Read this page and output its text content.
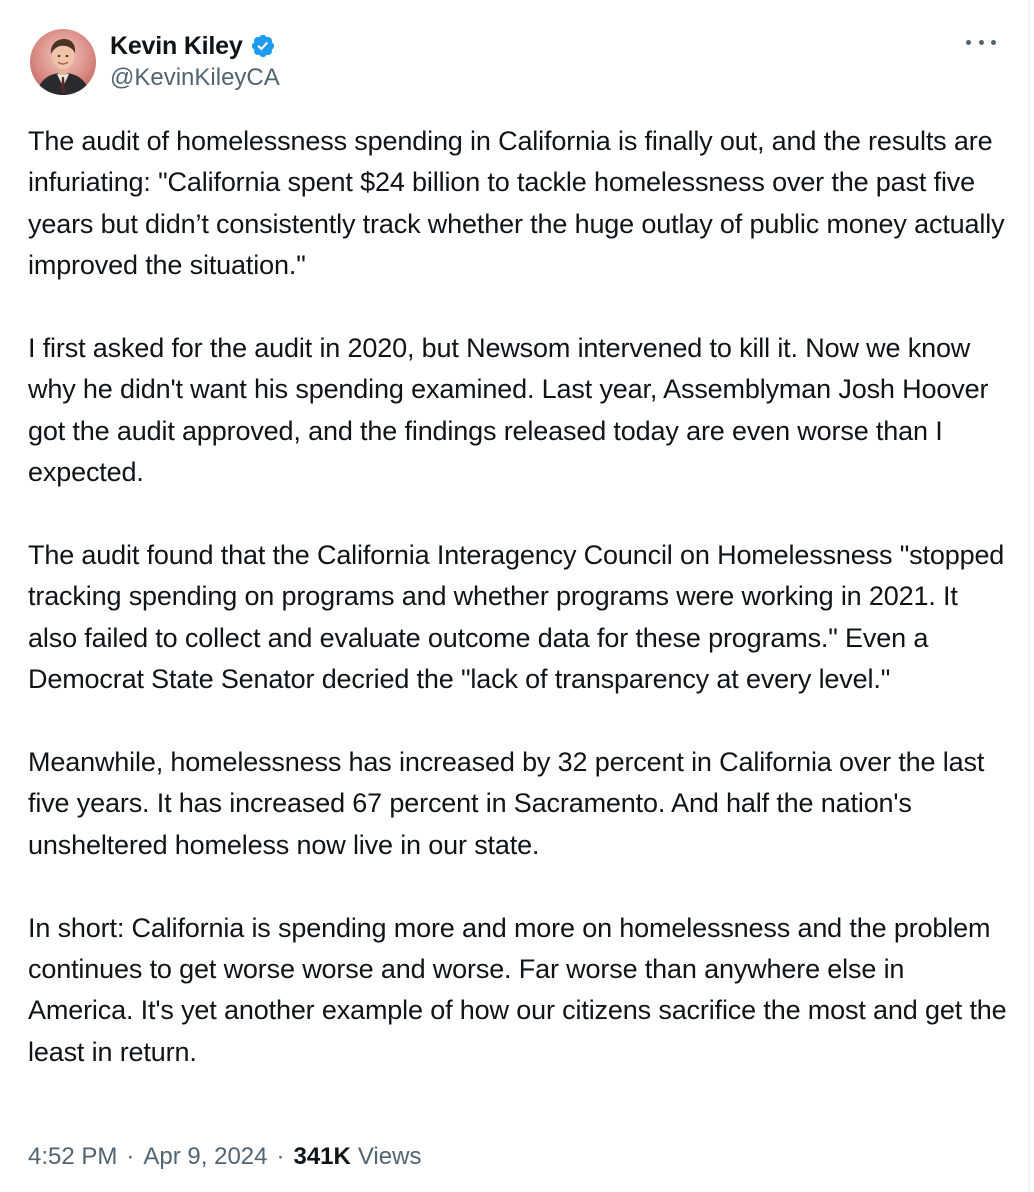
Kevin Kiley
@KevinKileyCA

The audit of homelessness spending in California is finally out, and the results are infuriating: "California spent $24 billion to tackle homelessness over the past five years but didn’t consistently track whether the huge outlay of public money actually improved the situation."

I first asked for the audit in 2020, but Newsom intervened to kill it. Now we know why he didn't want his spending examined. Last year, Assemblyman Josh Hoover got the audit approved, and the findings released today are even worse than I expected.

The audit found that the California Interagency Council on Homelessness "stopped tracking spending on programs and whether programs were working in 2021. It also failed to collect and evaluate outcome data for these programs." Even a Democrat State Senator decried the "lack of transparency at every level."

Meanwhile, homelessness has increased by 32 percent in California over the last five years. It has increased 67 percent in Sacramento. And half the nation's unsheltered homeless now live in our state.

In short: California is spending more and more on homelessness and the problem continues to get worse worse and worse. Far worse than anywhere else in America. It's yet another example of how our citizens sacrifice the most and get the least in return.

4:52 PM · Apr 9, 2024 · 341K Views
